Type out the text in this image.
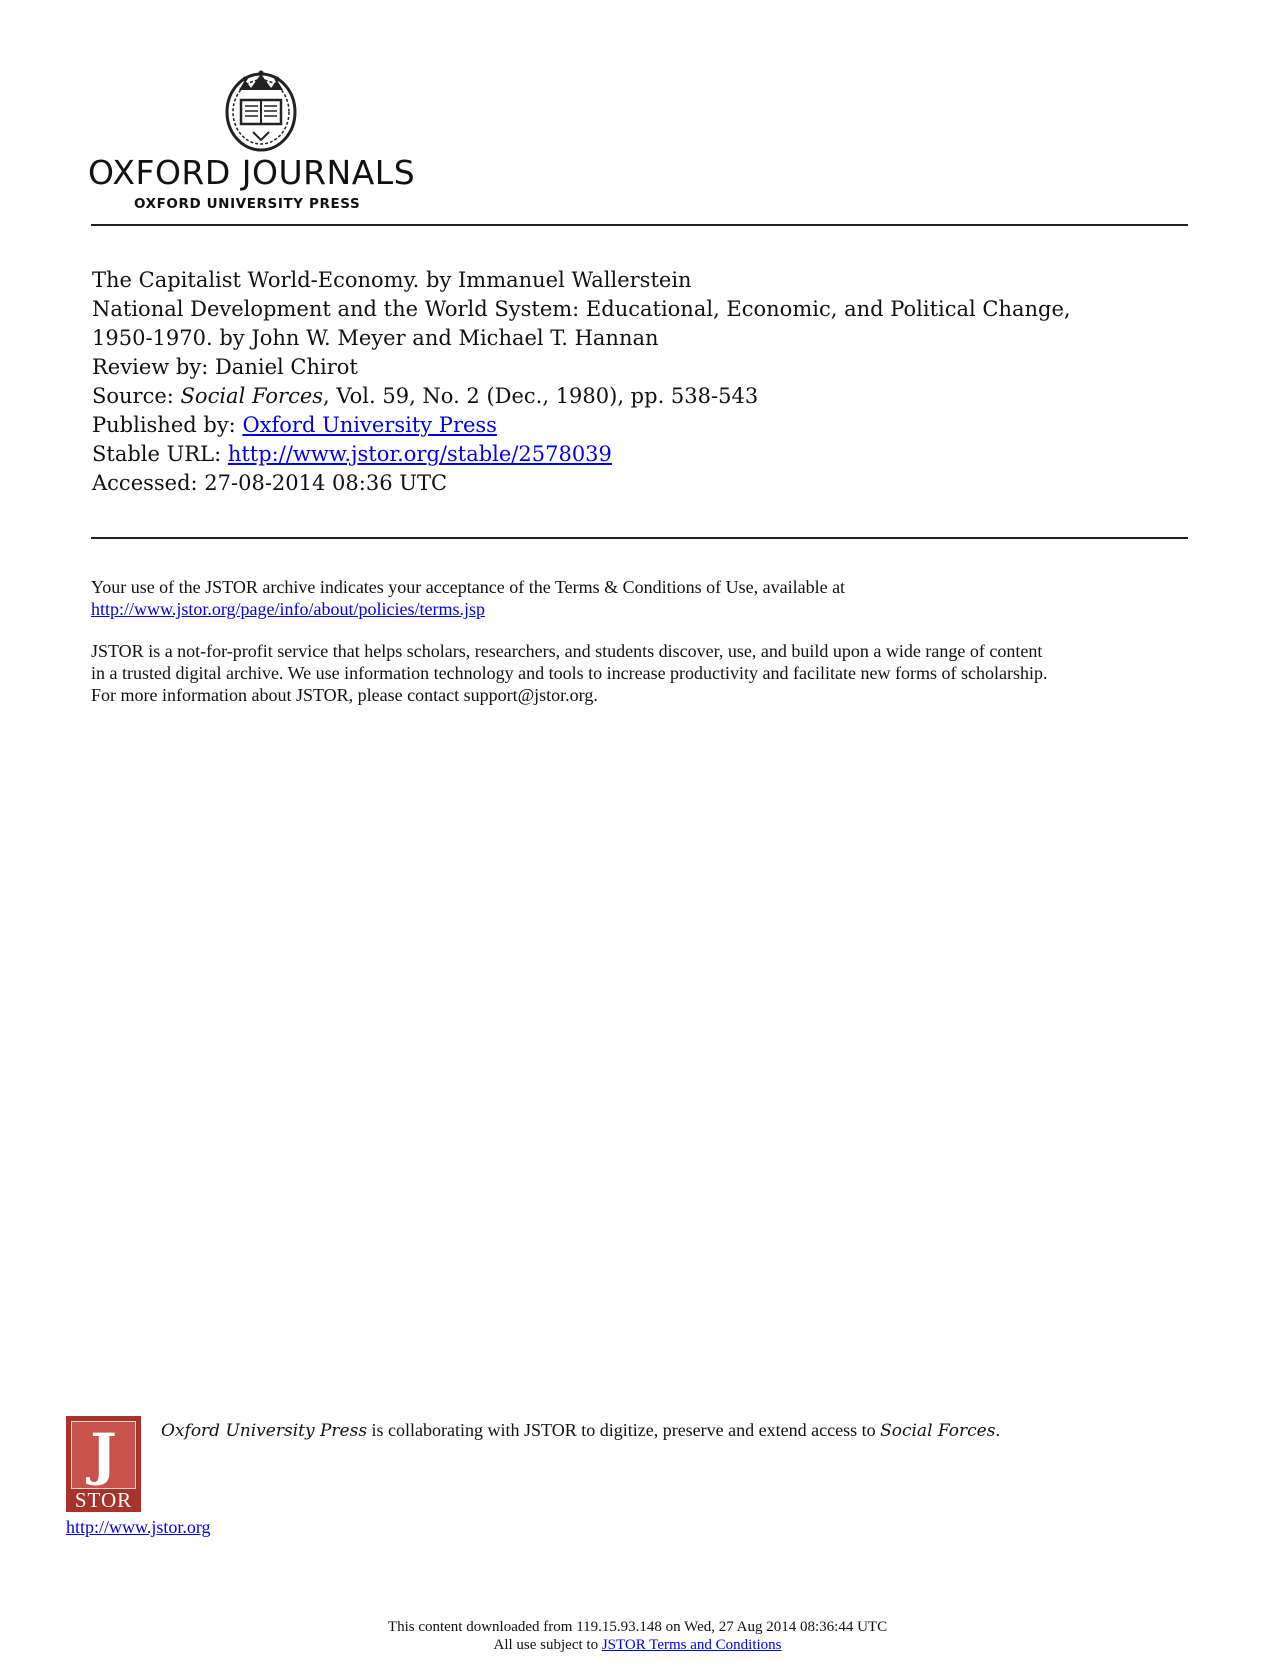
OXFORD JOURNALS
OXFORD UNIVERSITY PRESS
The Capitalist World-Economy. by Immanuel Wallerstein
National Development and the World System: Educational, Economic, and Political Change,
1950-1970. by John W. Meyer and Michael T. Hannan
Review by: Daniel Chirot
Source: Social Forces, Vol. 59, No. 2 (Dec., 1980), pp. 538-543
Published by: Oxford University Press
Stable URL: http://www.jstor.org/stable/2578039
Accessed: 27-08-2014 08:36 UTC

Your use of the JSTOR archive indicates your acceptance of the Terms & Conditions of Use, available at
http://www.jstor.org/page/info/about/policies/terms.jsp

JSTOR is a not-for-profit service that helps scholars, researchers, and students discover, use, and build upon a wide range of content
in a trusted digital archive. We use information technology and tools to increase productivity and facilitate new forms of scholarship.
For more information about JSTOR, please contact support@jstor.org.

J
STOR
Oxford University Press is collaborating with JSTOR to digitize, preserve and extend access to Social Forces.
http://www.jstor.org
This content downloaded from 119.15.93.148 on Wed, 27 Aug 2014 08:36:44 UTC
All use subject to JSTOR Terms and Conditions
